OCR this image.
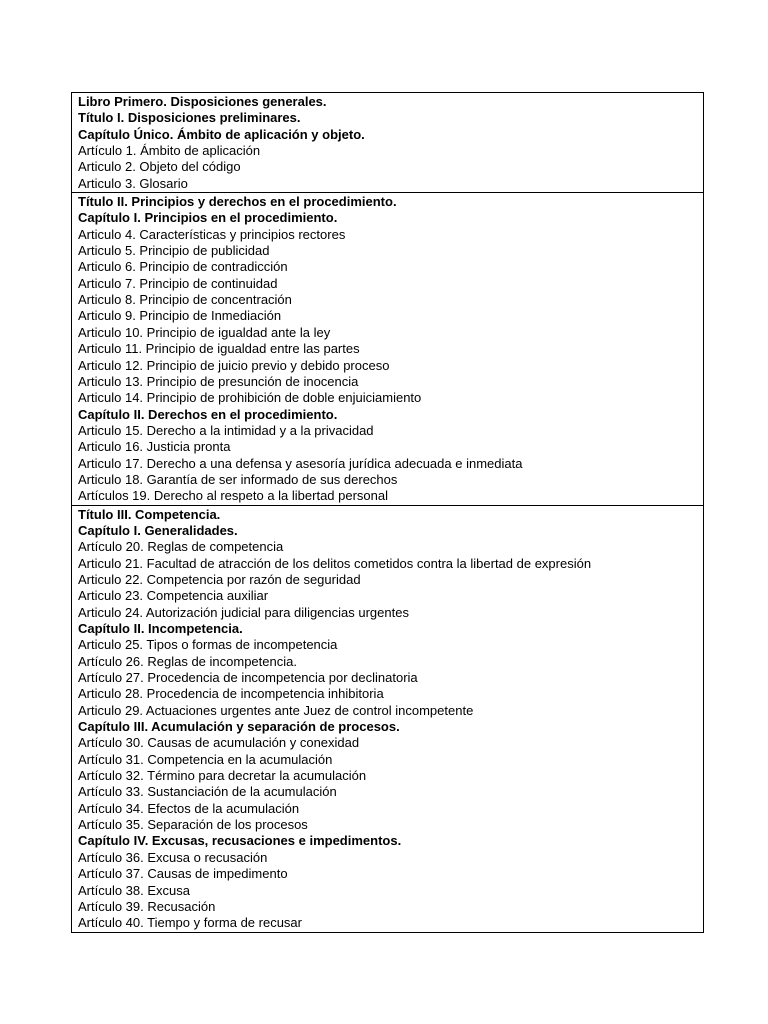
Libro Primero. Disposiciones generales.
Título I. Disposiciones preliminares.
Capítulo Único. Ámbito de aplicación y objeto.
Artículo 1. Ámbito de aplicación
Articulo 2. Objeto del código
Articulo 3. Glosario
Título II. Principios y derechos en el procedimiento.
Capítulo I. Principios en el procedimiento.
Articulo 4. Características y principios rectores
Articulo 5. Principio de publicidad
Articulo 6. Principio de contradicción
Articulo 7. Principio de continuidad
Articulo 8. Principio de concentración
Articulo 9. Principio de Inmediación
Articulo 10. Principio de igualdad ante la ley
Articulo 11. Principio de igualdad entre las partes
Articulo 12. Principio de juicio previo y debido proceso
Articulo 13. Principio de presunción de inocencia
Articulo 14. Principio de prohibición de doble enjuiciamiento
Capítulo II. Derechos en el procedimiento.
Articulo 15. Derecho a la intimidad y a la privacidad
Articulo 16. Justicia pronta
Articulo 17. Derecho a una defensa y asesoría jurídica adecuada e inmediata
Articulo 18. Garantía de ser informado de sus derechos
Artículos 19. Derecho al respeto a la libertad personal
Título III. Competencia.
Capítulo I. Generalidades.
Artículo 20. Reglas de competencia
Articulo 21. Facultad de atracción de los delitos cometidos contra la libertad de expresión
Articulo 22. Competencia por razón de seguridad
Articulo 23. Competencia auxiliar
Articulo 24. Autorización judicial para diligencias urgentes
Capítulo II. Incompetencia.
Articulo 25. Tipos o formas de incompetencia
Artículo 26. Reglas de incompetencia.
Artículo 27. Procedencia de incompetencia por declinatoria
Articulo 28. Procedencia de incompetencia inhibitoria
Articulo 29. Actuaciones urgentes ante Juez de control incompetente
Capítulo III. Acumulación y separación de procesos.
Artículo 30. Causas de acumulación y conexidad
Artículo 31. Competencia en la acumulación
Artículo 32. Término para decretar la acumulación
Artículo 33. Sustanciación de la acumulación
Artículo 34. Efectos de la acumulación
Artículo 35. Separación de los procesos
Capítulo IV. Excusas, recusaciones e impedimentos.
Artículo 36. Excusa o recusación
Artículo 37. Causas de impedimento
Artículo 38. Excusa
Artículo 39. Recusación
Artículo 40. Tiempo y forma de recusar
